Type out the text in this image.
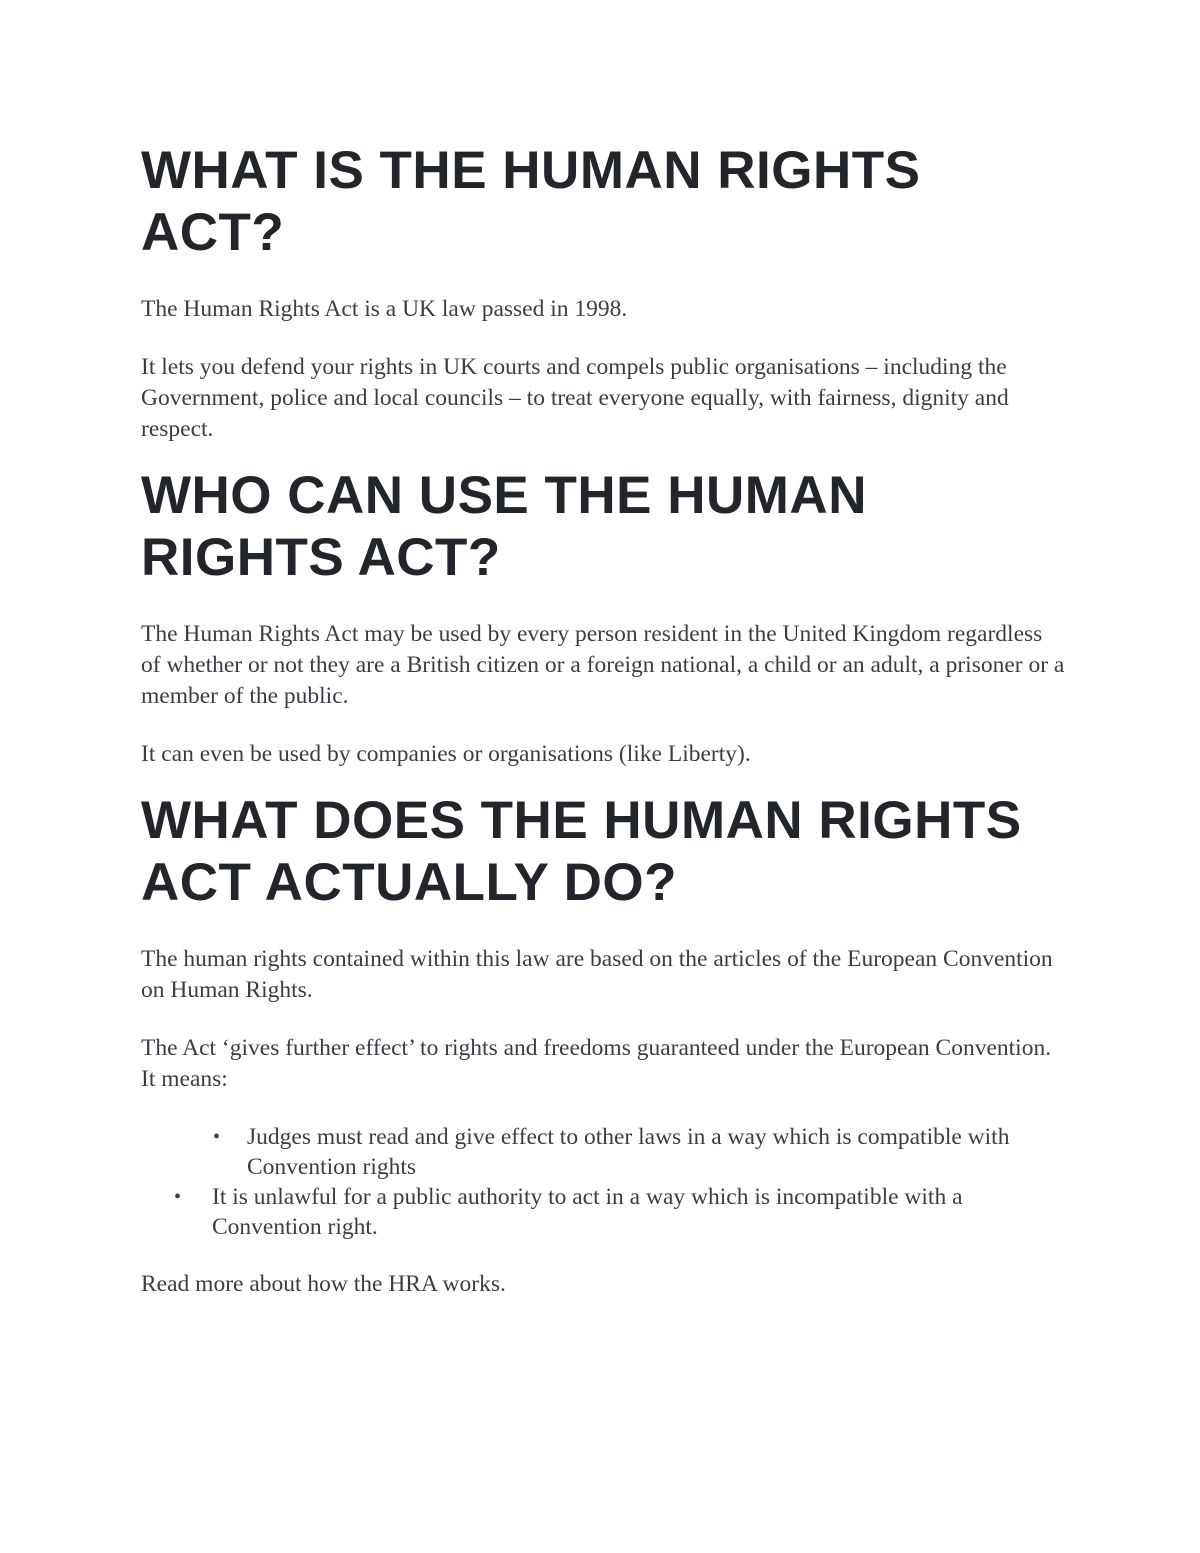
WHAT IS THE HUMAN RIGHTS ACT?

The Human Rights Act is a UK law passed in 1998.

It lets you defend your rights in UK courts and compels public organisations – including the Government, police and local councils – to treat everyone equally, with fairness, dignity and respect.

WHO CAN USE THE HUMAN RIGHTS ACT?

The Human Rights Act may be used by every person resident in the United Kingdom regardless of whether or not they are a British citizen or a foreign national, a child or an adult, a prisoner or a member of the public.

It can even be used by companies or organisations (like Liberty).

WHAT DOES THE HUMAN RIGHTS ACT ACTUALLY DO?

The human rights contained within this law are based on the articles of the European Convention on Human Rights.

The Act ‘gives further effect’ to rights and freedoms guaranteed under the European Convention. It means:

• Judges must read and give effect to other laws in a way which is compatible with Convention rights
• It is unlawful for a public authority to act in a way which is incompatible with a Convention right.

Read more about how the HRA works.
